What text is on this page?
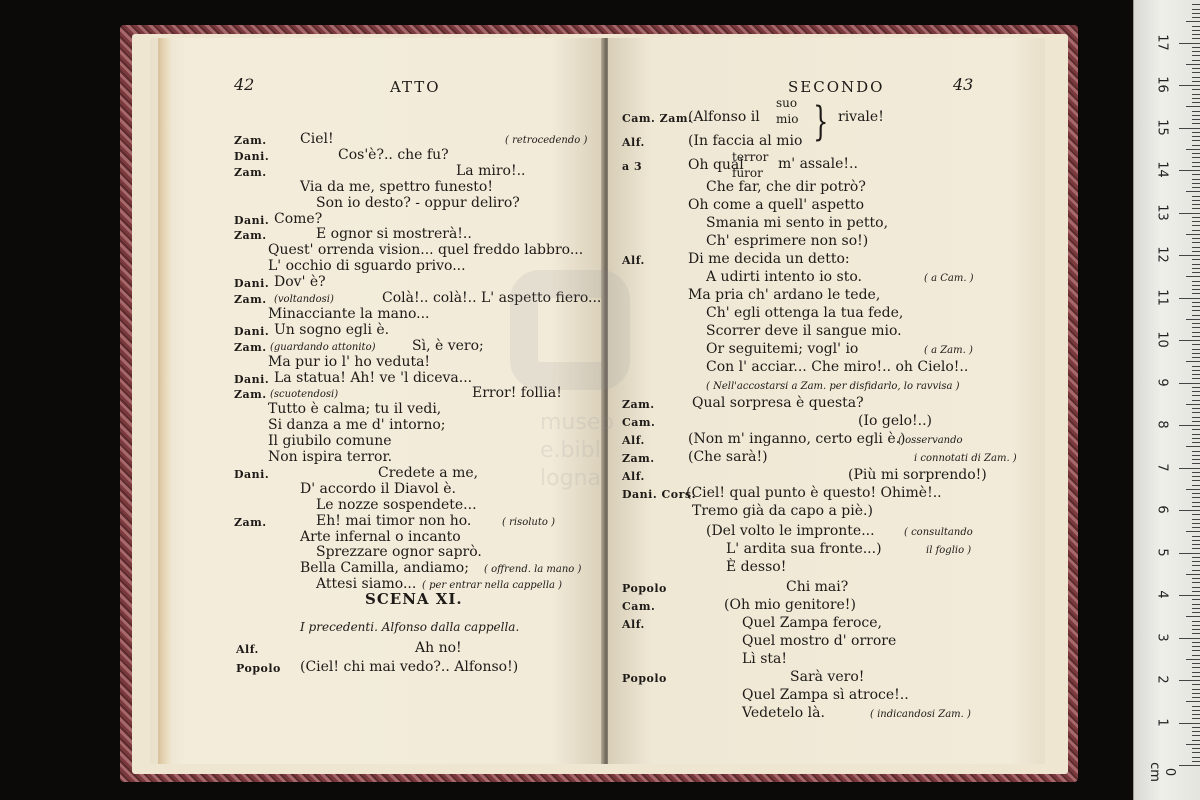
42	ATTO
Zam. Ciel!	( retrocedendo )
Dani.	Cos'è?.. che fu?
Zam.	La miro!..
Via da me, spettro funesto!
Son io desto? - oppur deliro?
Dani. Come?
Zam.	E ognor si mostrerà!..
Quest' orrenda vision... quel freddo labbro...
L' occhio di sguardo privo...
Dani. Dov' è?
Zam.	Colà!.. colà!.. L' aspetto fiero...
(voltandosi)
Minacciante la mano...
Dani. Un sogno egli è.
Zam.	Sì, è vero;
(guardando attonito)
Ma pur io l' ho veduta!
Dani. La statua! Ah! ve 'l diceva...
Zam.	Error! follia!
(scuotendosi)
Tutto è calma; tu il vedi,
Si danza a me d' intorno;
Il giubilo comune
Non ispira terror.
Dani.	Credete a me,
D' accordo il Diavol è.
Le nozze sospendete...
Zam.	Eh! mai timor non ho.	( risoluto )
Arte infernal o incanto
Sprezzare ognor saprò.
Bella Camilla, andiamo; ( offrend. la mano )
Attesi siamo... ( per entrar nella cappella )
SCENA XI.
I precedenti. Alfonso dalla cappella.
Alf.	Ah no!
Popolo (Ciel! chi mai vedo?.. Alfonso!)
SECONDO	43
suo
mio } rivale!
terror
furor
m' assale!..
Cam. Zam.
(Alfonso il
Alf.	(In faccia al mio
a 3	Oh qual
Che far, che dir potrò?
Oh come a quell' aspetto
Smania mi sento in petto,
Ch' esprimere non so!)
Alf.	Di me decida un detto:
A udirti intento io sto.	( a Cam. )
Ma pria ch' ardano le tede,
Ch' egli ottenga la tua fede,
Scorrer deve il sangue mio.
Or seguitemi; vogl' io	( a Zam. )
Con l' acciar... Che miro!.. oh Cielo!..
( Nell'accostarsi a Zam. per disfidarlo, lo ravvisa )
Zam.	Qual sorpresa è questa?
Cam.	(Io gelo!..)
Alf.	(Non m' inganno, certo egli è.)
( osservando
Zam. (Che sarà!)	i connotati di Zam. )
Alf.	(Più mi sorprendo!)
Dani. Cors.
(Ciel! qual punto è questo! Ohimè!..
Tremo già da capo a piè.)
(Del volto le impronte...	( consultando
L' ardita sua fronte...)	il foglio )
È desso!
Popolo	Chi mai?
Cam.	(Oh mio genitore!)
Alf.	Quel Zampa feroce,
Quel mostro d' orrore
Lì sta!
Popolo	Sarà vero!
Quel Zampa sì atroce!..
Vedetelo là.	( indicandosi Zam. )
museo
e.bibl
logna
0 cm
1
2
3
4
5
6
7
8
9
10
11
12
13
14
15
16
17
